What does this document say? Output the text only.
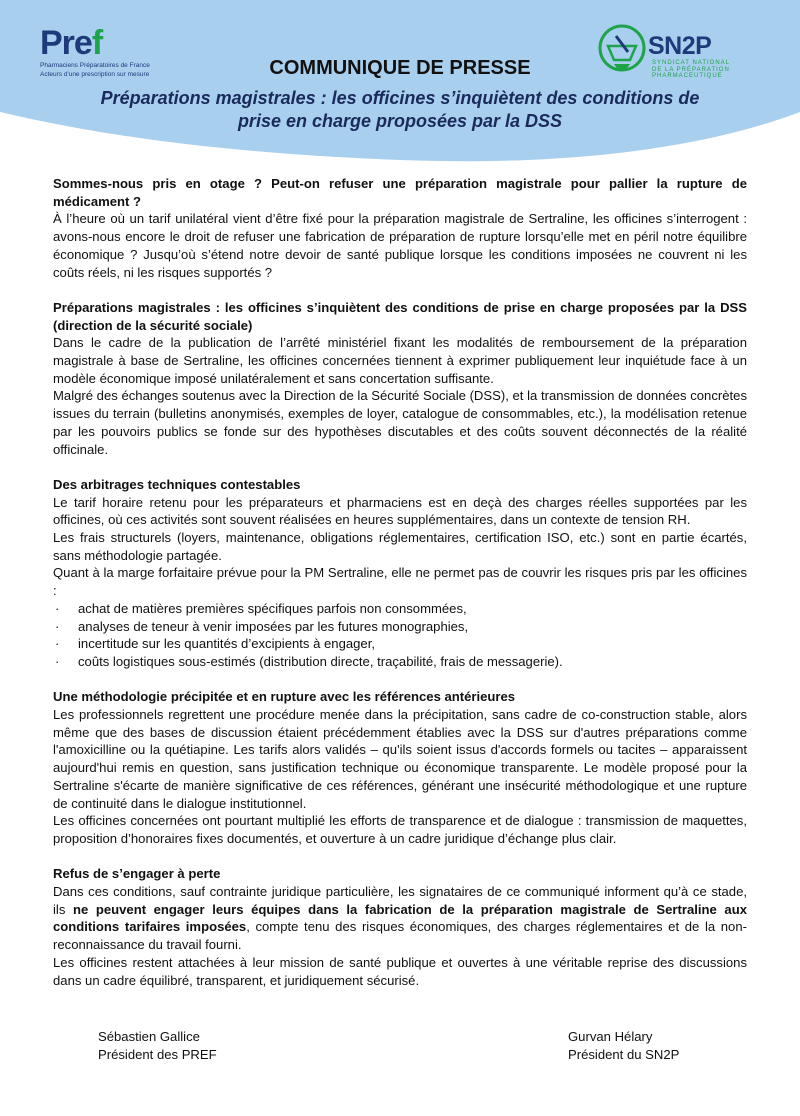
Pref
Pharmaciens Préparatoires de France
Acteurs d'une prescription sur mesure
SN2P
SYNDICAT NATIONAL
DE LA PRÉPARATION
PHARMACEUTIQUE
COMMUNIQUE DE PRESSE
Préparations magistrales : les officines s’inquiètent des conditions de
prise en charge proposées par la DSS

Sommes-nous pris en otage ? Peut-on refuser une préparation magistrale pour pallier la rupture de médicament ?

À l’heure où un tarif unilatéral vient d’être fixé pour la préparation magistrale de Sertraline, les officines s’interrogent : avons-nous encore le droit de refuser une fabrication de préparation de rupture lorsqu’elle met en péril notre équilibre économique ? Jusqu’où s’étend notre devoir de santé publique lorsque les conditions imposées ne couvrent ni les coûts réels, ni les risques supportés ?

Préparations magistrales : les officines s’inquiètent des conditions de prise en charge proposées par la DSS (direction de la sécurité sociale)

Dans le cadre de la publication de l’arrêté ministériel fixant les modalités de remboursement de la préparation magistrale à base de Sertraline, les officines concernées tiennent à exprimer publiquement leur inquiétude face à un modèle économique imposé unilatéralement et sans concertation suffisante.

Malgré des échanges soutenus avec la Direction de la Sécurité Sociale (DSS), et la transmission de données concrètes issues du terrain (bulletins anonymisés, exemples de loyer, catalogue de consommables, etc.), la modélisation retenue par les pouvoirs publics se fonde sur des hypothèses discutables et des coûts souvent déconnectés de la réalité officinale.

Des arbitrages techniques contestables

Le tarif horaire retenu pour les préparateurs et pharmaciens est en deçà des charges réelles supportées par les officines, où ces activités sont souvent réalisées en heures supplémentaires, dans un contexte de tension RH.

Les frais structurels (loyers, maintenance, obligations réglementaires, certification ISO, etc.) sont en partie écartés, sans méthodologie partagée.

Quant à la marge forfaitaire prévue pour la PM Sertraline, elle ne permet pas de couvrir les risques pris par les officines :

· achat de matières premières spécifiques parfois non consommées,
· analyses de teneur à venir imposées par les futures monographies,
· incertitude sur les quantités d’excipients à engager,
· coûts logistiques sous-estimés (distribution directe, traçabilité, frais de messagerie).

Une méthodologie précipitée et en rupture avec les références antérieures

Les professionnels regrettent une procédure menée dans la précipitation, sans cadre de co-construction stable, alors même que des bases de discussion étaient précédemment établies avec la DSS sur d'autres préparations comme l'amoxicilline ou la quétiapine. Les tarifs alors validés – qu'ils soient issus d'accords formels ou tacites – apparaissent aujourd'hui remis en question, sans justification technique ou économique transparente. Le modèle proposé pour la Sertraline s'écarte de manière significative de ces références, générant une insécurité méthodologique et une rupture de continuité dans le dialogue institutionnel.

Les officines concernées ont pourtant multiplié les efforts de transparence et de dialogue : transmission de maquettes, proposition d’honoraires fixes documentés, et ouverture à un cadre juridique d’échange plus clair.

Refus de s’engager à perte

Dans ces conditions, sauf contrainte juridique particulière, les signataires de ce communiqué informent qu’à ce stade, ils ne peuvent engager leurs équipes dans la fabrication de la préparation magistrale de Sertraline aux conditions tarifaires imposées, compte tenu des risques économiques, des charges réglementaires et de la non-reconnaissance du travail fourni.

Les officines restent attachées à leur mission de santé publique et ouvertes à une véritable reprise des discussions dans un cadre équilibré, transparent, et juridiquement sécurisé.

Sébastien Gallice
Président des PREF
Gurvan Hélary
Président du SN2P
